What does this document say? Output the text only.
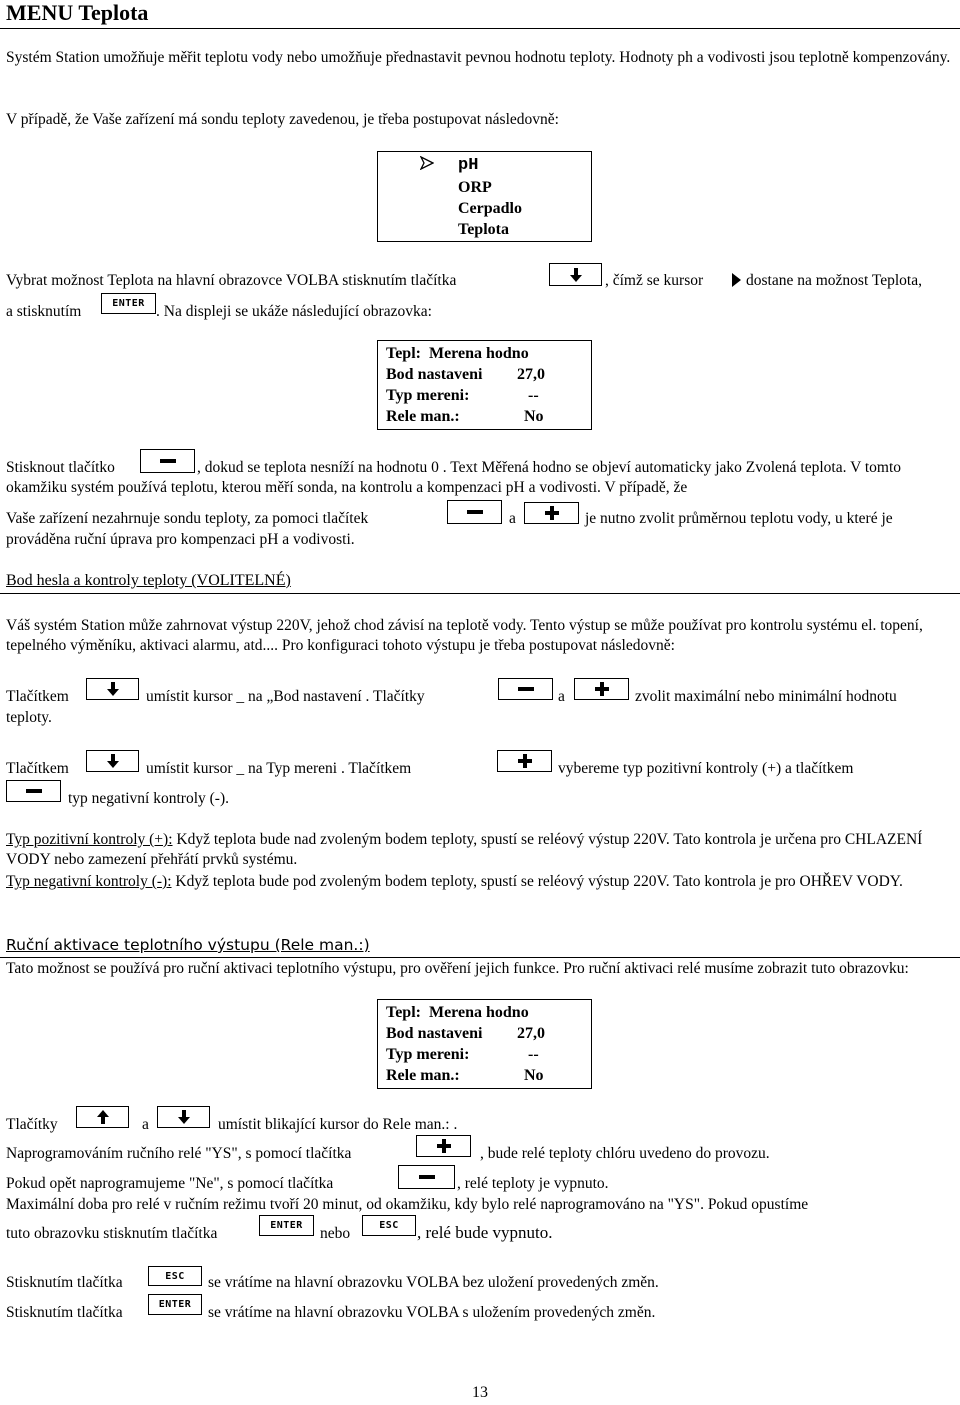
MENU Teplota

Systém Station umožňuje měřit teplotu vody nebo umožňuje přednastavit pevnou hodnotu teploty. Hodnoty ph a vodivosti jsou teplotně kompenzovány.

V případě, že Vaše zařízení má sondu teploty zavedenou, je třeba postupovat následovně:

pH
ORP
Cerpadlo
Teplota
Vybrat možnost Teplota na hlavní obrazovce VOLBA stisknutím tlačítka	, čímž se kursor	dostane na možnost Teplota,
a stisknutím	ENTER . Na displeji se ukáže následující obrazovka:
Tepl:  Merena hodno
Bod nastaveni	27,0
Typ mereni:	--
Rele man.:	No
Stisknout tlačítko	, dokud se teplota nesníží na hodnotu 0 . Text Měřená hodno se objeví automaticky jako Zvolená teplota. V tomto okamžiku systém používá teplotu, kterou měří sonda, na kontrolu a kompenzaci pH a vodivosti. V případě, že

Vaše zařízení nezahrnuje sondu teploty, za pomoci tlačítek	a	je nutno zvolit průměrnou teplotu vody, u které je
prováděna ruční úprava pro kompenzaci pH a vodivosti.
Bod hesla a kontroly teploty (VOLITELNÉ)

Váš systém Station může zahrnovat výstup 220V, jehož chod závisí na teplotě vody. Tento výstup se může používat pro kontrolu systému el. topení, tepelného výměníku, aktivaci alarmu, atd.... Pro konfiguraci tohoto výstupu je třeba postupovat následovně:

Tlačítkem	umístit kursor _ na „Bod nastavení . Tlačítky	a	zvolit maximální nebo minimální hodnotu
teploty.
Tlačítkem	umístit kursor _ na Typ mereni . Tlačítkem	vybereme typ pozitivní kontroly (+) a tlačítkem
typ negativní kontroly (-).

Typ pozitivní kontroly (+): Když teplota bude nad zvoleným bodem teploty, spustí se reléový výstup 220V. Tato kontrola je určena pro CHLAZENÍ VODY nebo zamezení přehřátí prvků systému.

Typ negativní kontroly (-): Když teplota bude pod zvoleným bodem teploty, spustí se reléový výstup 220V. Tato kontrola je pro OHŘEV VODY.

Ruční aktivace teplotního výstupu (Rele man.:)

Tato možnost se používá pro ruční aktivaci teplotního výstupu, pro ověření jejich funkce. Pro ruční aktivaci relé musíme zobrazit tuto obrazovku:

Tepl:  Merena hodno
Bod nastaveni	27,0
Typ mereni:	--
Rele man.:	No
Tlačítky	a	umístit blikající kursor do Rele man.: .
Naprogramováním ručního relé "YS", s pomocí tlačítka	, bude relé teploty chlóru uvedeno do provozu.
Pokud opět naprogramujeme "Ne", s pomocí tlačítka	, relé teploty je vypnuto.

Maximální doba pro relé v ručním režimu tvoří 20 minut, od okamžiku, kdy bylo relé naprogramováno na "YS". Pokud opustíme

tuto obrazovku stisknutím tlačítka	ENTER nebo	ESC , relé bude vypnuto.
Stisknutím tlačítka	ESC se vrátíme na hlavní obrazovku VOLBA bez uložení provedených změn.
Stisknutím tlačítka	ENTER se vrátíme na hlavní obrazovku VOLBA s uložením provedených změn.
13
